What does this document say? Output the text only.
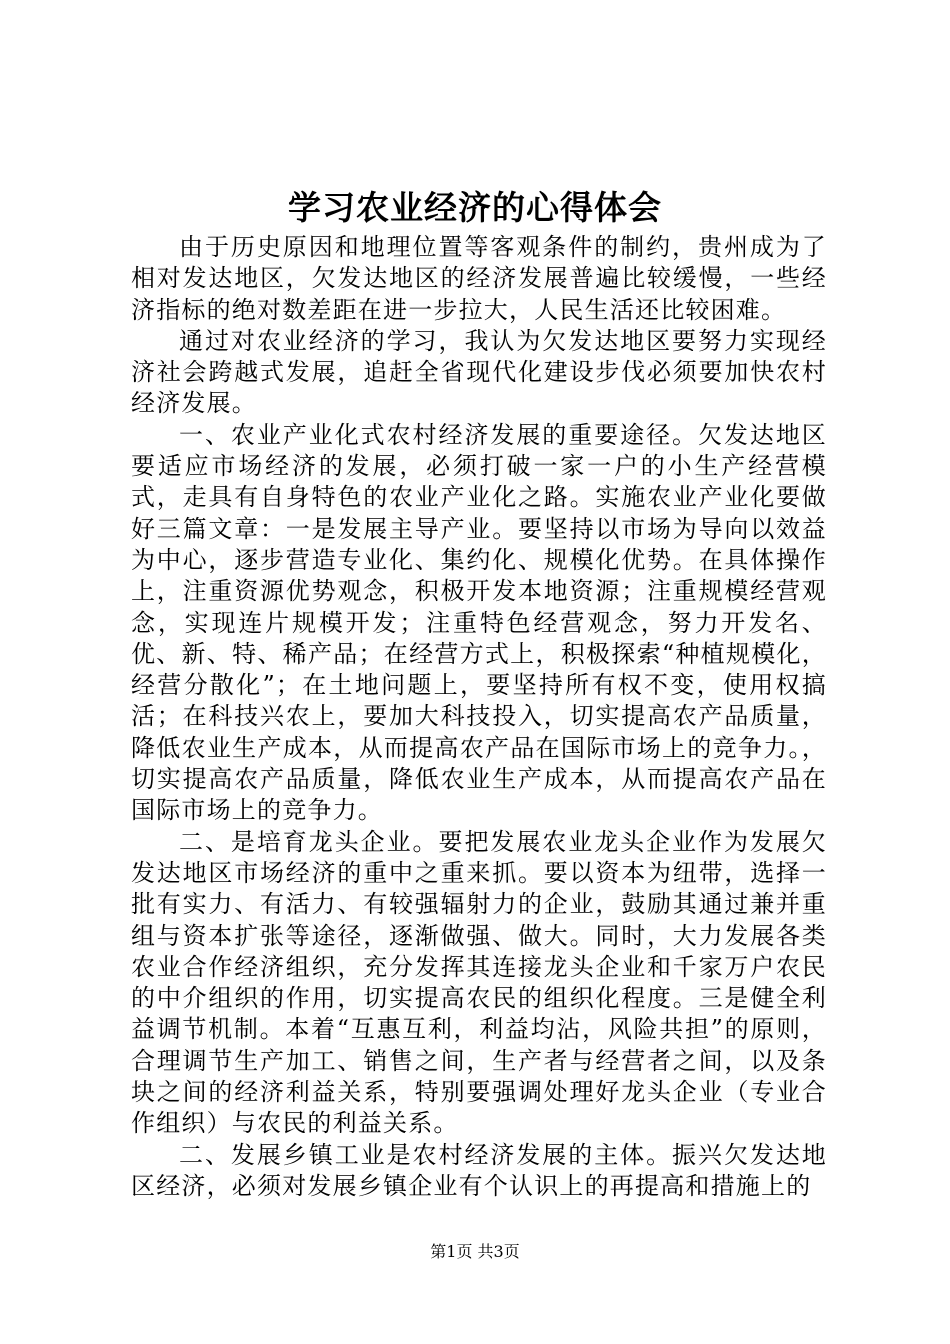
学习农业经济的心得体会

由于历史原因和地理位置等客观条件的制约，贵州成为了相对发达地区，欠发达地区的经济发展普遍比较缓慢，一些经济指标的绝对数差距在进一步拉大，人民生活还比较困难。

通过对农业经济的学习，我认为欠发达地区要努力实现经济社会跨越式发展，追赶全省现代化建设步伐必须要加快农村经济发展。

一、农业产业化式农村经济发展的重要途径。欠发达地区要适应市场经济的发展，必须打破一家一户的小生产经营模式，走具有自身特色的农业产业化之路。实施农业产业化要做好三篇文章：一是发展主导产业。要坚持以市场为导向以效益为中心，逐步营造专业化、集约化、规模化优势。在具体操作上，注重资源优势观念，积极开发本地资源；注重规模经营观念，实现连片规模开发；注重特色经营观念，努力开发名、优、新、特、稀产品；在经营方式上，积极探索“种植规模化，经营分散化”；在土地问题上，要坚持所有权不变，使用权搞活；在科技兴农上，要加大科技投入，切实提高农产品质量，降低农业生产成本，从而提高农产品在国际市场上的竞争力。，切实提高农产品质量，降低农业生产成本，从而提高农产品在国际市场上的竞争力。

二、是培育龙头企业。要把发展农业龙头企业作为发展欠发达地区市场经济的重中之重来抓。要以资本为纽带，选择一批有实力、有活力、有较强辐射力的企业，鼓励其通过兼并重组与资本扩张等途径，逐渐做强、做大。同时，大力发展各类农业合作经济组织，充分发挥其连接龙头企业和千家万户农民的中介组织的作用，切实提高农民的组织化程度。三是健全利益调节机制。本着“互惠互利，利益均沾，风险共担”的原则，合理调节生产加工、销售之间，生产者与经营者之间，以及条块之间的经济利益关系，特别要强调处理好龙头企业（专业合作组织）与农民的利益关系。

二、发展乡镇工业是农村经济发展的主体。振兴欠发达地区经济，必须对发展乡镇企业有个认识上的再提高和措施上的

第1页 共3页
